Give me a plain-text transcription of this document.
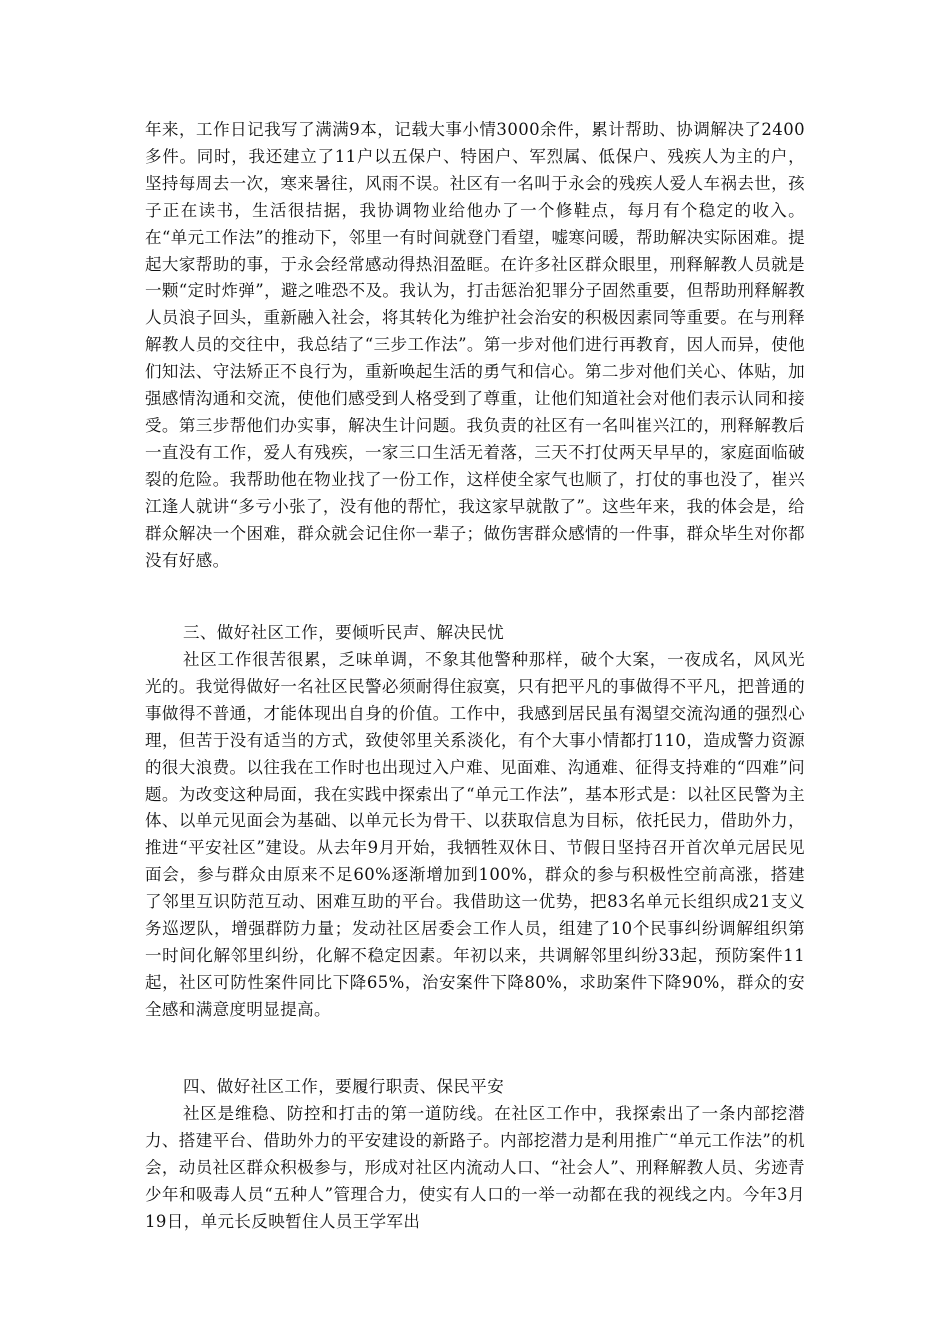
年来，工作日记我写了满满9本，记载大事小情3000余件，累计帮助、协调解决了2400多件。同时，我还建立了11户以五保户、特困户、军烈属、低保户、残疾人为主的户，坚持每周去一次，寒来暑往，风雨不误。社区有一名叫于永会的残疾人爱人车祸去世，孩子正在读书，生活很拮据，我协调物业给他办了一个修鞋点，每月有个稳定的收入。在“单元工作法”的推动下，邻里一有时间就登门看望，嘘寒问暖，帮助解决实际困难。提起大家帮助的事，于永会经常感动得热泪盈眶。在许多社区群众眼里，刑释解教人员就是一颗“定时炸弹”，避之唯恐不及。我认为，打击惩治犯罪分子固然重要，但帮助刑释解教人员浪子回头，重新融入社会，将其转化为维护社会治安的积极因素同等重要。在与刑释解教人员的交往中，我总结了“三步工作法”。第一步对他们进行再教育，因人而异，使他们知法、守法矫正不良行为，重新唤起生活的勇气和信心。第二步对他们关心、体贴，加强感情沟通和交流，使他们感受到人格受到了尊重，让他们知道社会对他们表示认同和接受。第三步帮他们办实事，解决生计问题。我负责的社区有一名叫崔兴江的，刑释解教后一直没有工作，爱人有残疾，一家三口生活无着落，三天不打仗两天早早的，家庭面临破裂的危险。我帮助他在物业找了一份工作，这样使全家气也顺了，打仗的事也没了，崔兴江逢人就讲“多亏小张了，没有他的帮忙，我这家早就散了”。这些年来，我的体会是，给群众解决一个困难，群众就会记住你一辈子；做伤害群众感情的一件事，群众毕生对你都没有好感。

三、做好社区工作，要倾听民声、解决民忧

社区工作很苦很累，乏味单调，不象其他警种那样，破个大案，一夜成名，风风光光的。我觉得做好一名社区民警必须耐得住寂寞，只有把平凡的事做得不平凡，把普通的事做得不普通，才能体现出自身的价值。工作中，我感到居民虽有渴望交流沟通的强烈心理，但苦于没有适当的方式，致使邻里关系淡化，有个大事小情都打110，造成警力资源的很大浪费。以往我在工作时也出现过入户难、见面难、沟通难、征得支持难的“四难”问题。为改变这种局面，我在实践中探索出了“单元工作法”，基本形式是：以社区民警为主体、以单元见面会为基础、以单元长为骨干、以获取信息为目标，依托民力，借助外力，推进“平安社区”建设。从去年9月开始，我牺牲双休日、节假日坚持召开首次单元居民见面会，参与群众由原来不足60%逐渐增加到100%，群众的参与积极性空前高涨，搭建了邻里互识防范互动、困难互助的平台。我借助这一优势，把83名单元长组织成21支义务巡逻队，增强群防力量；发动社区居委会工作人员，组建了10个民事纠纷调解组织第一时间化解邻里纠纷，化解不稳定因素。年初以来，共调解邻里纠纷33起，预防案件11起，社区可防性案件同比下降65%，治安案件下降80%，求助案件下降90%，群众的安全感和满意度明显提高。

四、做好社区工作，要履行职责、保民平安

社区是维稳、防控和打击的第一道防线。在社区工作中，我探索出了一条内部挖潜力、搭建平台、借助外力的平安建设的新路子。内部挖潜力是利用推广“单元工作法”的机会，动员社区群众积极参与，形成对社区内流动人口、“社会人”、刑释解教人员、劣迹青少年和吸毒人员“五种人”管理合力，使实有人口的一举一动都在我的视线之内。今年3月19日，单元长反映暂住人员王学军出
